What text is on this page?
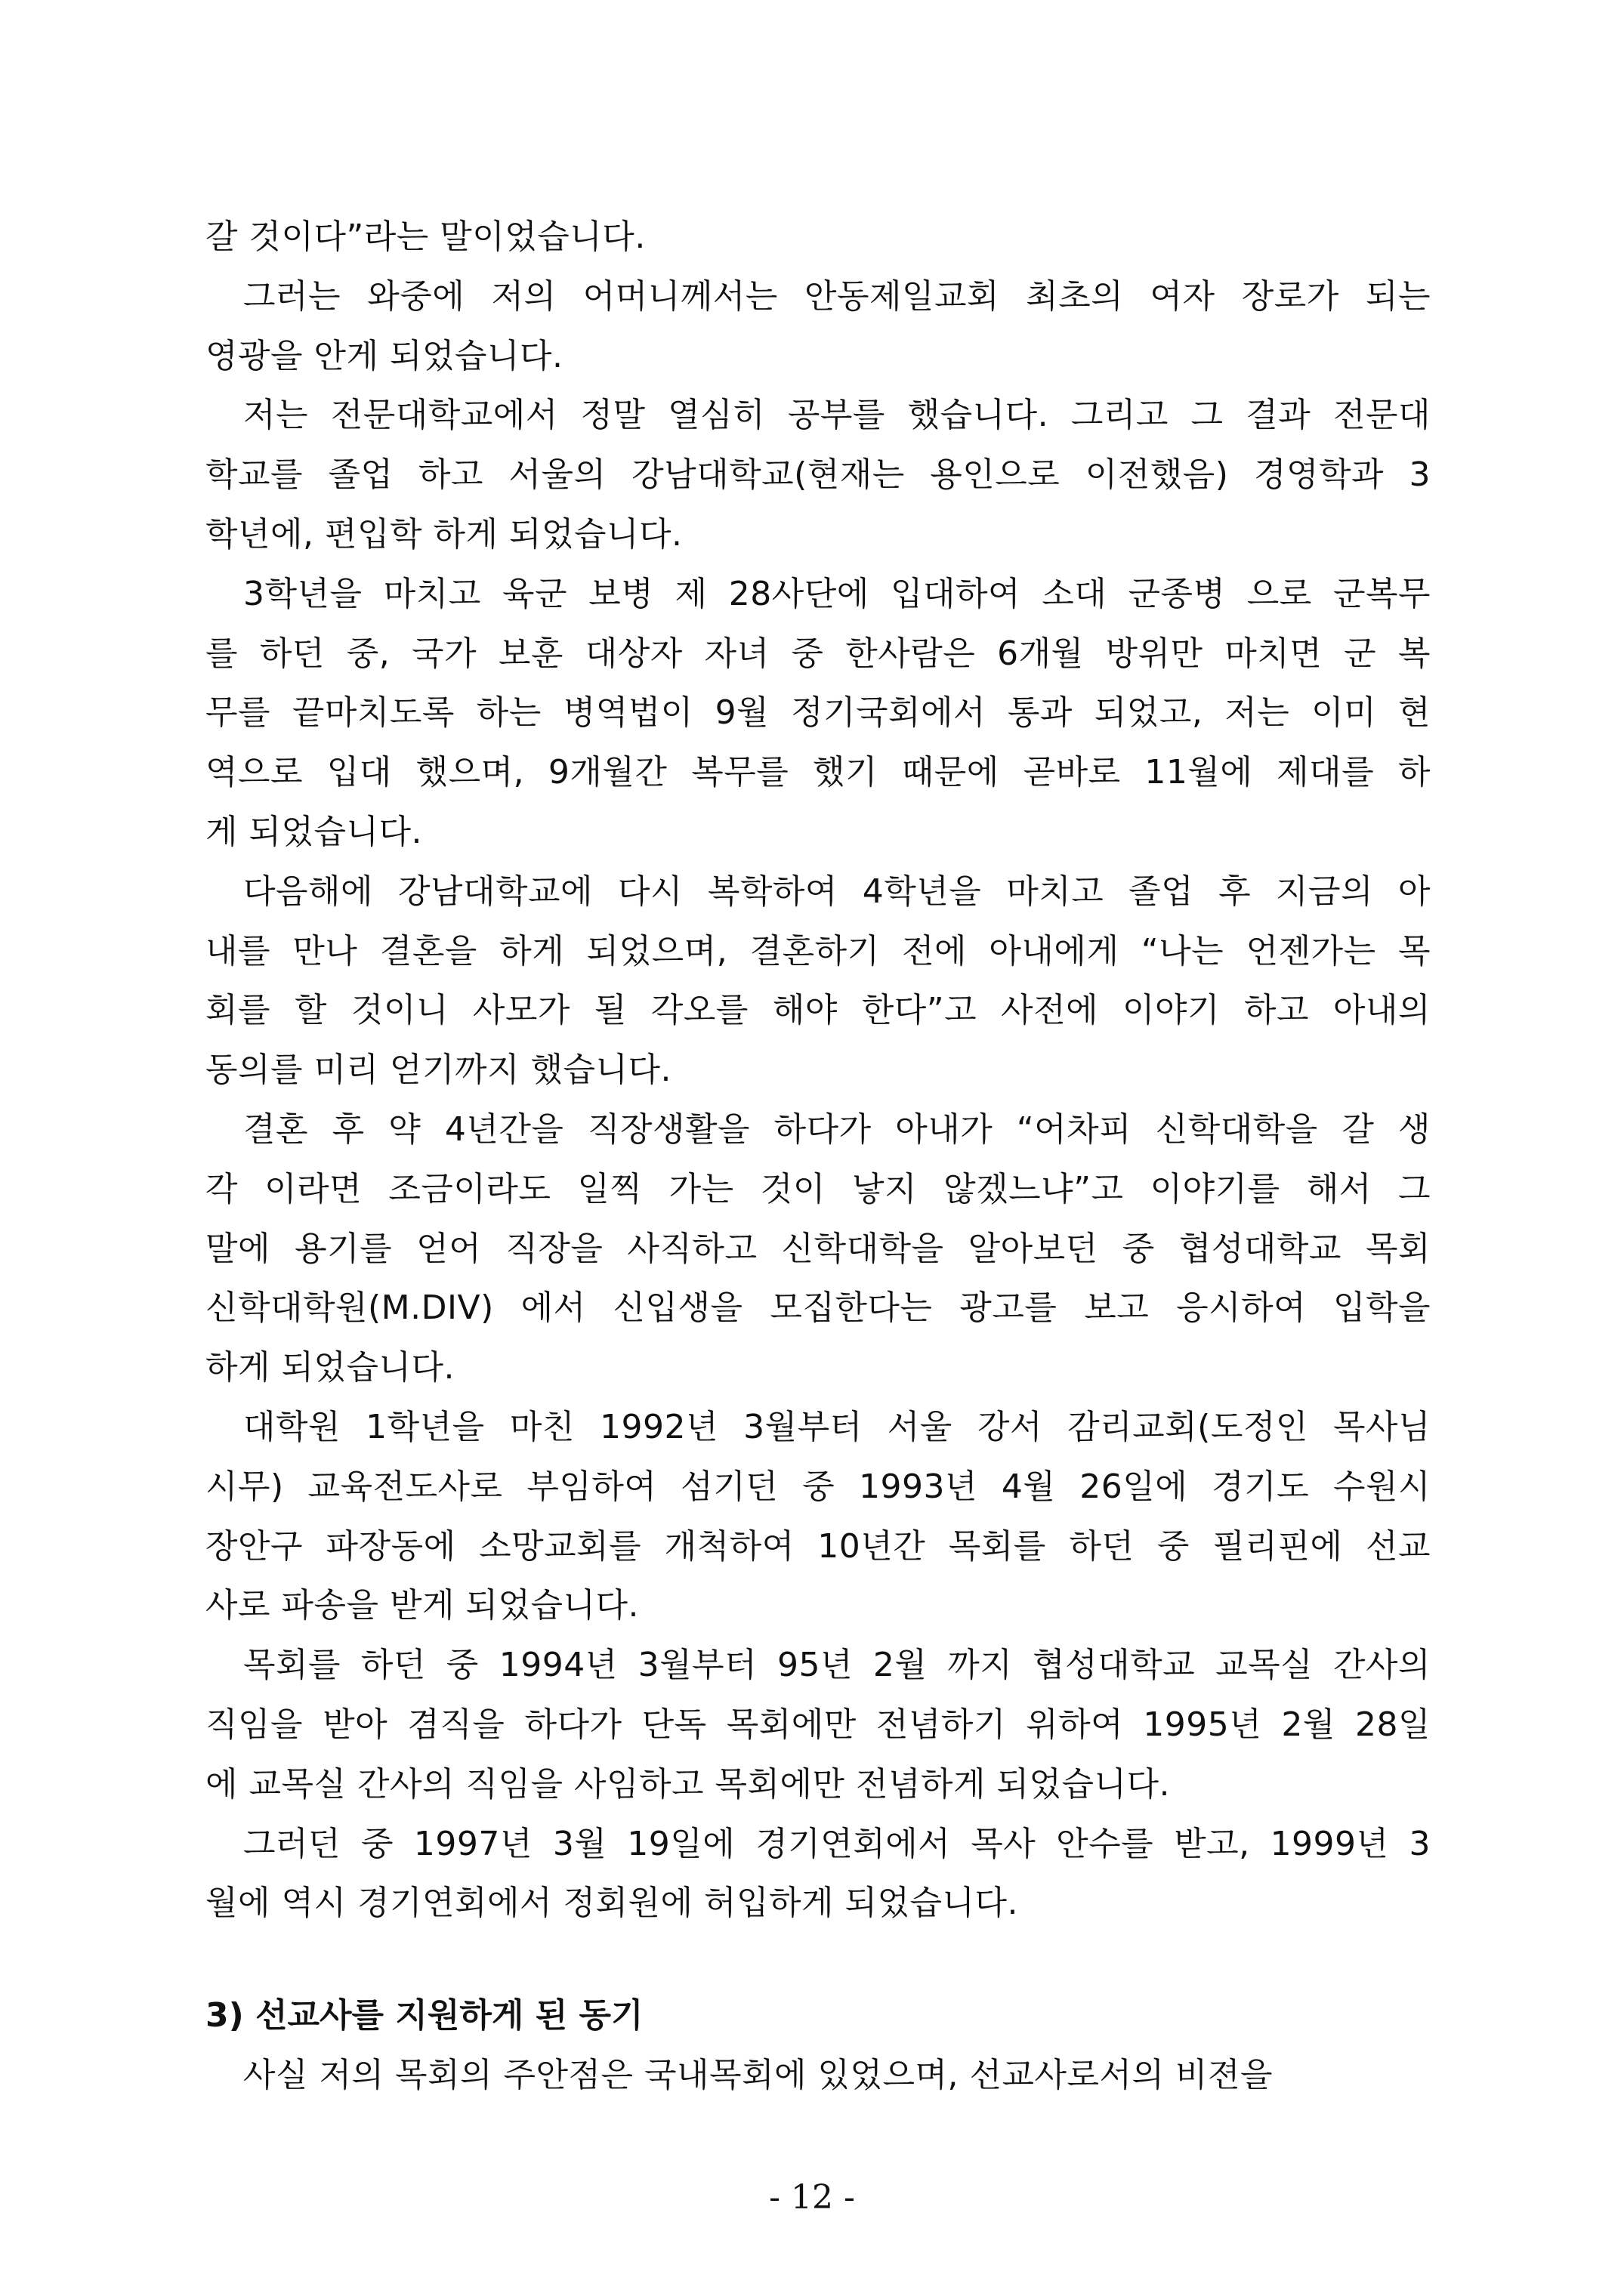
갈 것이다”라는 말이었습니다.
그러는 와중에 저의 어머니께서는 안동제일교회 최초의 여자 장로가 되는
영광을 안게 되었습니다.
저는 전문대학교에서 정말 열심히 공부를 했습니다. 그리고 그 결과 전문대
학교를 졸업 하고 서울의 강남대학교(현재는 용인으로 이전했음) 경영학과 3
학년에, 편입학 하게 되었습니다.
3학년을 마치고 육군 보병 제 28사단에 입대하여 소대 군종병 으로 군복무
를 하던 중, 국가 보훈 대상자 자녀 중 한사람은 6개월 방위만 마치면 군 복
무를 끝마치도록 하는 병역법이 9월 정기국회에서 통과 되었고, 저는 이미 현
역으로 입대 했으며, 9개월간 복무를 했기 때문에 곧바로 11월에 제대를 하
게 되었습니다.
다음해에 강남대학교에 다시 복학하여 4학년을 마치고 졸업 후 지금의 아
내를 만나 결혼을 하게 되었으며, 결혼하기 전에 아내에게 “나는 언젠가는 목
회를 할 것이니 사모가 될 각오를 해야 한다”고 사전에 이야기 하고 아내의
동의를 미리 얻기까지 했습니다.
결혼 후 약 4년간을 직장생활을 하다가 아내가 “어차피 신학대학을 갈 생
각 이라면 조금이라도 일찍 가는 것이 낳지 않겠느냐”고 이야기를 해서 그
말에 용기를 얻어 직장을 사직하고 신학대학을 알아보던 중 협성대학교 목회
신학대학원(M.DIV) 에서 신입생을 모집한다는 광고를 보고 응시하여 입학을
하게 되었습니다.
대학원 1학년을 마친 1992년 3월부터 서울 강서 감리교회(도정인 목사님
시무) 교육전도사로 부임하여 섬기던 중 1993년 4월 26일에 경기도 수원시
장안구 파장동에 소망교회를 개척하여 10년간 목회를 하던 중 필리핀에 선교
사로 파송을 받게 되었습니다.
목회를 하던 중 1994년 3월부터 95년 2월 까지 협성대학교 교목실 간사의
직임을 받아 겸직을 하다가 단독 목회에만 전념하기 위하여 1995년 2월 28일
에 교목실 간사의 직임을 사임하고 목회에만 전념하게 되었습니다.
그러던 중 1997년 3월 19일에 경기연회에서 목사 안수를 받고, 1999년 3
월에 역시 경기연회에서 정회원에 허입하게 되었습니다.
3) 선교사를 지원하게 된 동기
사실 저의 목회의 주안점은 국내목회에 있었으며, 선교사로서의 비젼을
- 12 -
